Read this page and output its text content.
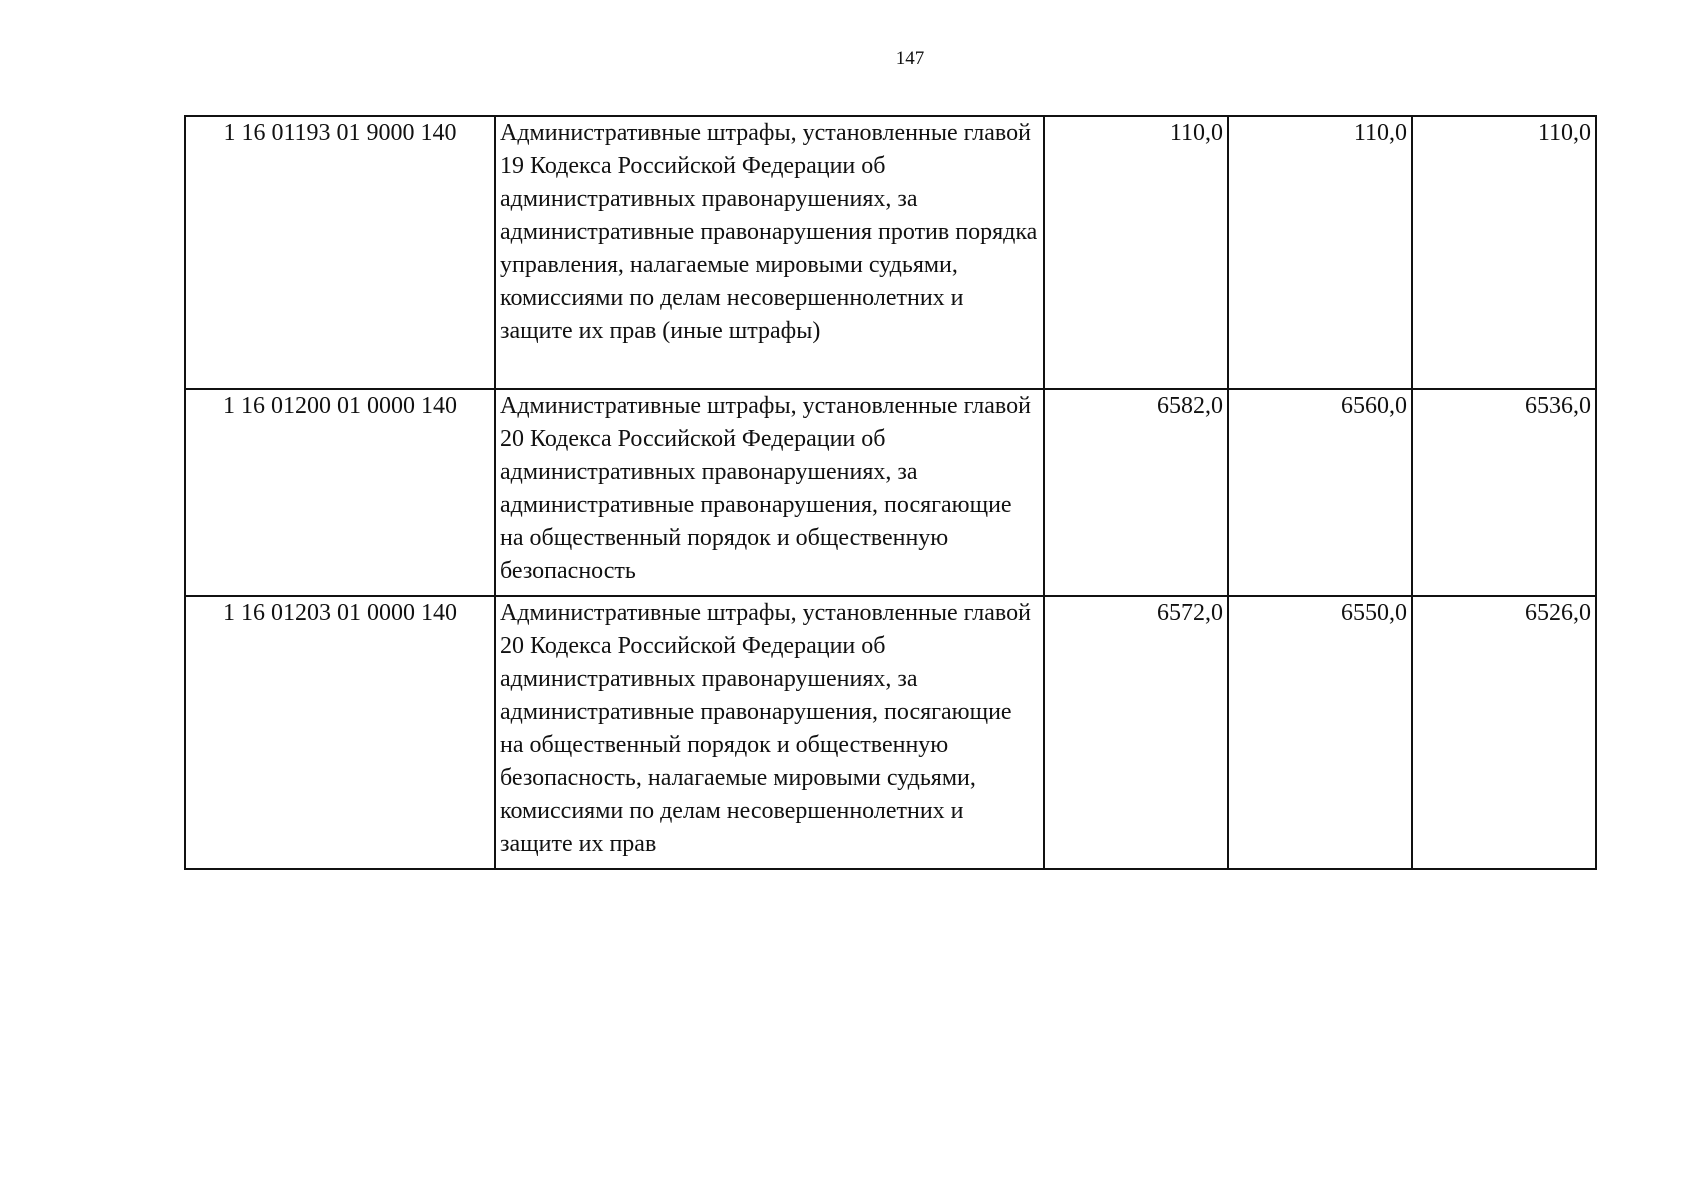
147
1 16 01193 01 9000 140	Административные штрафы, установленные главой 19 Кодекса Российской Федерации об административных правонарушениях, за административные правонарушения против порядка управления, налагаемые мировыми судьями, комиссиями по делам несовершеннолетних и защите их прав (иные штрафы)	110,0	110,0	110,0
1 16 01200 01 0000 140	Административные штрафы, установленные главой 20 Кодекса Российской Федерации об административных правонарушениях, за административные правонарушения, посягающие на общественный порядок и общественную безопасность	6582,0	6560,0	6536,0
1 16 01203 01 0000 140	Административные штрафы, установленные главой 20 Кодекса Российской Федерации об административных правонарушениях, за административные правонарушения, посягающие на общественный порядок и общественную безопасность, налагаемые мировыми судьями, комиссиями по делам несовершеннолетних и защите их прав	6572,0	6550,0	6526,0
